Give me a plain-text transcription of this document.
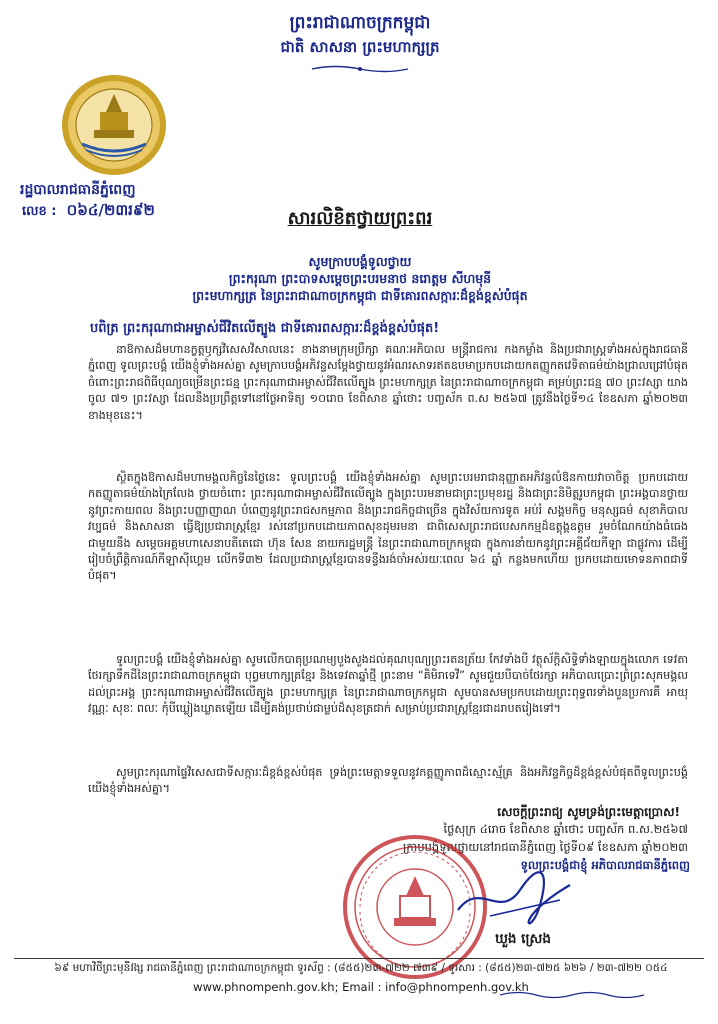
ព្រះរាជាណាចក្រកម្ពុជា
ជាតិ សាសនា ព្រះមហាក្សត្រ
រដ្ឋបាលរាជធានីភ្នំពេញ
លេខ : ០៦៤/២៣រ៩២	សារលិខិតថ្វាយព្រះពរ
សូមក្រាបបង្គំទូលថ្វាយ
ព្រះករុណា ព្រះបាទសម្តេចព្រះបរមនាថ នរោត្តម សីហមុនី
ព្រះមហាក្សត្រ នៃព្រះរាជាណាចក្រកម្ពុជា ជាទីគោរពសក្ការៈដ៏ខ្ពង់ខ្ពស់បំផុត
បពិត្រ ព្រះករុណាជាអម្ចាស់ជីវិតលើត្បូង ជាទីគោរពសក្ការៈដ៏ខ្ពង់ខ្ពស់បំផុត!
នាឱកាសដ៏មហានក្ខត្តឫក្សវិសេសវិសាលនេះ ខាងនាមក្រុមប្រឹក្សា គណៈអភិបាល មន្ត្រីរាជការ កងកម្លាំង និងប្រជារាស្ត្រទាំងអស់ក្នុងរាជធានីភ្នំពេញ ទូលព្រះបង្គំ យើងខ្ញុំទាំងអស់គ្នា សូមក្រាបបង្គំអភិវន្ទសម្តែងថ្វាយនូវអំណរសាទរឥតឧបមាប្រកបដោយកតញ្ញូកតវេទិតាធម៌យ៉ាងជ្រាលជ្រៅបំផុត ចំពោះព្រះរាជពិធីបុណ្យចម្រើនព្រះជន្ម ព្រះករុណាជាអម្ចាស់ជីវិតលើត្បូង ព្រះមហាក្សត្រ នៃព្រះរាជាណាចក្រកម្ពុជា គម្រប់ព្រះជន្ម ៧០ ព្រះវស្សា យាងចូល ៧១ ព្រះវស្សា ដែលនឹងប្រព្រឹត្តទៅនៅថ្ងៃអាទិត្យ ១០រោច ខែពិសាខ ឆ្នាំថោះ បញ្ចស័ក ព.ស ២៥៦៧ ត្រូវនឹងថ្ងៃទី១៤ ខែឧសភា ឆ្នាំ២០២៣ ខាងមុខនេះ។
ស្ថិតក្នុងឱកាសដ៏មហាមង្គលកិច្ចនៃថ្ងៃនេះ ទូលព្រះបង្គំ យើងខ្ញុំទាំងអស់គ្នា សូមព្រះបរមរាជានុញ្ញាតអភិវន្ទលំឱនកាយវាចាចិត្ត ប្រកបដោយកតញ្ញូតាធម៌យ៉ាងក្រៃលែង ថ្វាយចំពោះ ព្រះករុណាជាអម្ចាស់ជីវិតលើត្បូង ក្នុងព្រះបរមនាមជាព្រះប្រមុខរដ្ឋ និងជាព្រះនិមិត្តរូបកម្ពុជា ព្រះអង្គបានថ្វាយនូវព្រះកាយពល និងព្រះបញ្ញាញាណ បំពេញនូវព្រះរាជសកម្មភាព និងព្រះរាជកិច្ចជាច្រើន ក្នុងវិស័យការទូត អប់រំ សង្គមកិច្ច មនុស្សធម៌ សុខាភិបាល វប្បធម៌ និងសាសនា ធ្វើឱ្យប្រជារាស្ត្រខ្មែរ រស់នៅប្រកបដោយភាពសុខដុមរមនា ជាពិសេសព្រះរាជបេសកកម្មដ៏ឧត្តុង្គឧត្តម រួមចំណែកយ៉ាងធំធេងជាមួយនឹង សម្តេចអគ្គមហាសេនាបតីតេជោ ហ៊ុន សែន នាយករដ្ឋមន្ត្រី នៃព្រះរាជាណាចក្រកម្ពុជា ក្នុងការនាំយកនូវព្រះអគ្គីជ័យកីឡា ជាផ្លូវការ ដើម្បីរៀបចំព្រឹត្តិការណ៍កីឡាស៊ីហ្គេម លើកទី៣២ ដែលប្រជារាស្ត្រខ្មែរបានទន្ទឹងរង់ចាំអស់រយៈពេល ៦៤ ឆ្នាំ កន្លងមកហើយ ប្រកបដោយមោទនភាពជាទីបំផុត។
ទូលព្រះបង្គំ យើងខ្ញុំទាំងអស់គ្នា សូមលើកបាតុប្រណម្យបួងសួងដល់គុណបុណ្យព្រះរតនត្រ័យ កែវទាំងបី វត្ថុស័ក្តិសិទ្ធិទាំងឡាយក្នុងលោក ទេវតាថែរក្សាទឹកដីនៃព្រះរាជាណាចក្រកម្ពុជា បុព្វមហាក្សត្រខ្មែរ និងទេវតាឆ្នាំថ្មី ព្រះនាម “គិមិរាទេវី” សូមជួយបីបាច់ថែរក្សា អភិបាលប្រោះព្រំព្រះសុភមង្គលដល់ព្រះអង្គ ព្រះករុណាជាអម្ចាស់ជីវិតលើត្បូង ព្រះមហាក្សត្រ នៃព្រះរាជាណាចក្រកម្ពុជា សូមបានសមប្រកបដោយព្រះពុទ្ធពរទាំងបួនប្រការគឺ អាយុ វណ្ណៈ សុខៈ ពលៈ កុំបីឃ្លៀងឃ្លាតឡើយ ដើម្បីគង់ប្រថាប់ជាម្លប់ដ៏សុខត្រជាក់ សម្រាប់ប្រជារាស្ត្រខ្មែរជាដរាបតរៀងទៅ។
សូមព្រះករុណាផ្ទៃវិសេសជាទីសក្ការៈដ៏ខ្ពង់ខ្ពស់បំផុត ទ្រង់ព្រះមេត្តាទទួលនូវកត្តញ្ញូភាពដ៏ស្មោះស្ម័គ្រ និងអភិវន្ទកិច្ចដ៏ខ្ពង់ខ្ពស់បំផុតពីទូលព្រះបង្គំ យើងខ្ញុំទាំងអស់គ្នា។
សេចក្តីព្រះរាជ្យ សូមទ្រង់ព្រះមេត្តាប្រោស!
ថ្ងៃសុក្រ ៤រោច ខែពិសាខ ឆ្នាំថោះ បញ្ចស័ក ព.ស.២៥៦៧
ក្រាបបង្គំទូលថ្វាយនៅរាជធានីភ្នំពេញ ថ្ងៃទី០៩ ខែឧសភា ឆ្នាំ២០២៣
ទូលព្រះបង្គំជាខ្ញុំ អភិបាលរាជធានីភ្នំពេញ
ឃួង ស្រេង
៦៩ មហាវិថីព្រះមុនីវង្ស រាជធានីភ្នំពេញ ព្រះរាជាណាចក្រកម្ពុជា ទូរស័ព្ទ : (៨៥៥)២៣-៧២២ ៧៣៩ / ទូរសារ : (៨៥៥)២៣-៧២៥ ៦២៦ / ២៣-៧២២ ០៥៤
www.phnompenh.gov.kh; Email : info@phnompenh.gov.kh
